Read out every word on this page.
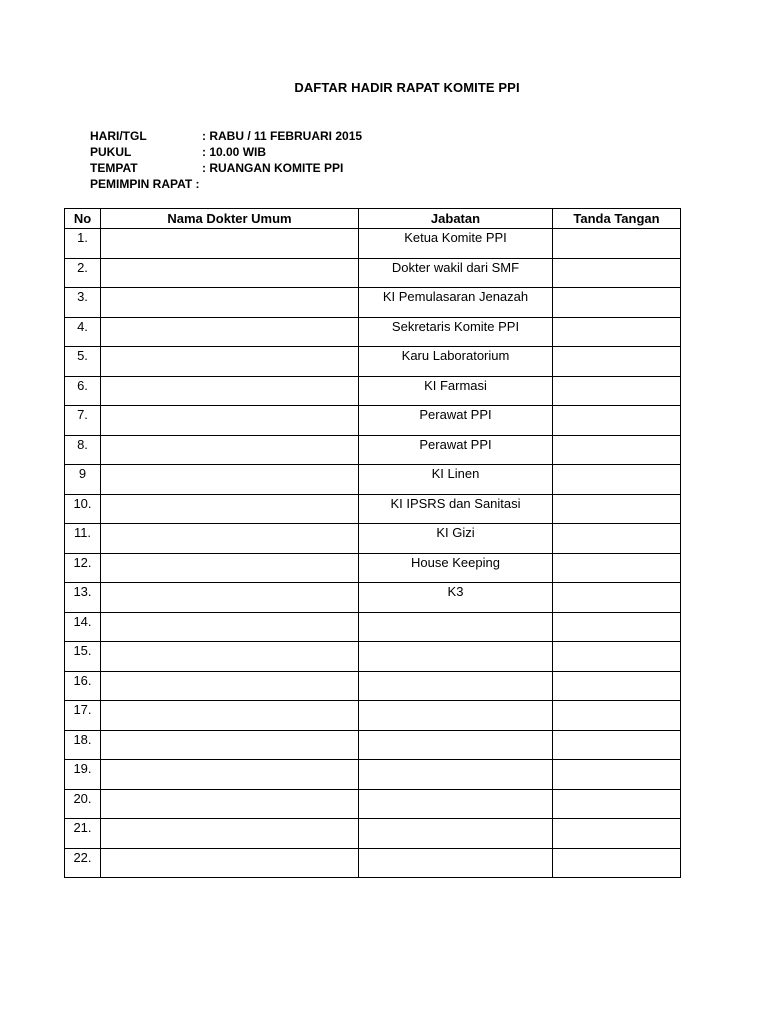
DAFTAR HADIR RAPAT KOMITE PPI
HARI/TGL	: RABU / 11 FEBRUARI 2015
PUKUL	: 10.00 WIB
TEMPAT	: RUANGAN KOMITE PPI
PEMIMPIN RAPAT :
No	Nama Dokter Umum	Jabatan	Tanda Tangan
1.		Ketua Komite PPI	
2.		Dokter wakil dari SMF	
3.		KI Pemulasaran Jenazah	
4.		Sekretaris Komite PPI	
5.		Karu Laboratorium	
6.		KI Farmasi	
7.		Perawat PPI	
8.		Perawat PPI	
9		KI Linen	
10.		KI IPSRS dan Sanitasi	
11.		KI Gizi	
12.		House Keeping	
13.		K3	
14.			
15.			
16.			
17.			
18.			
19.			
20.			
21.			
22.			
